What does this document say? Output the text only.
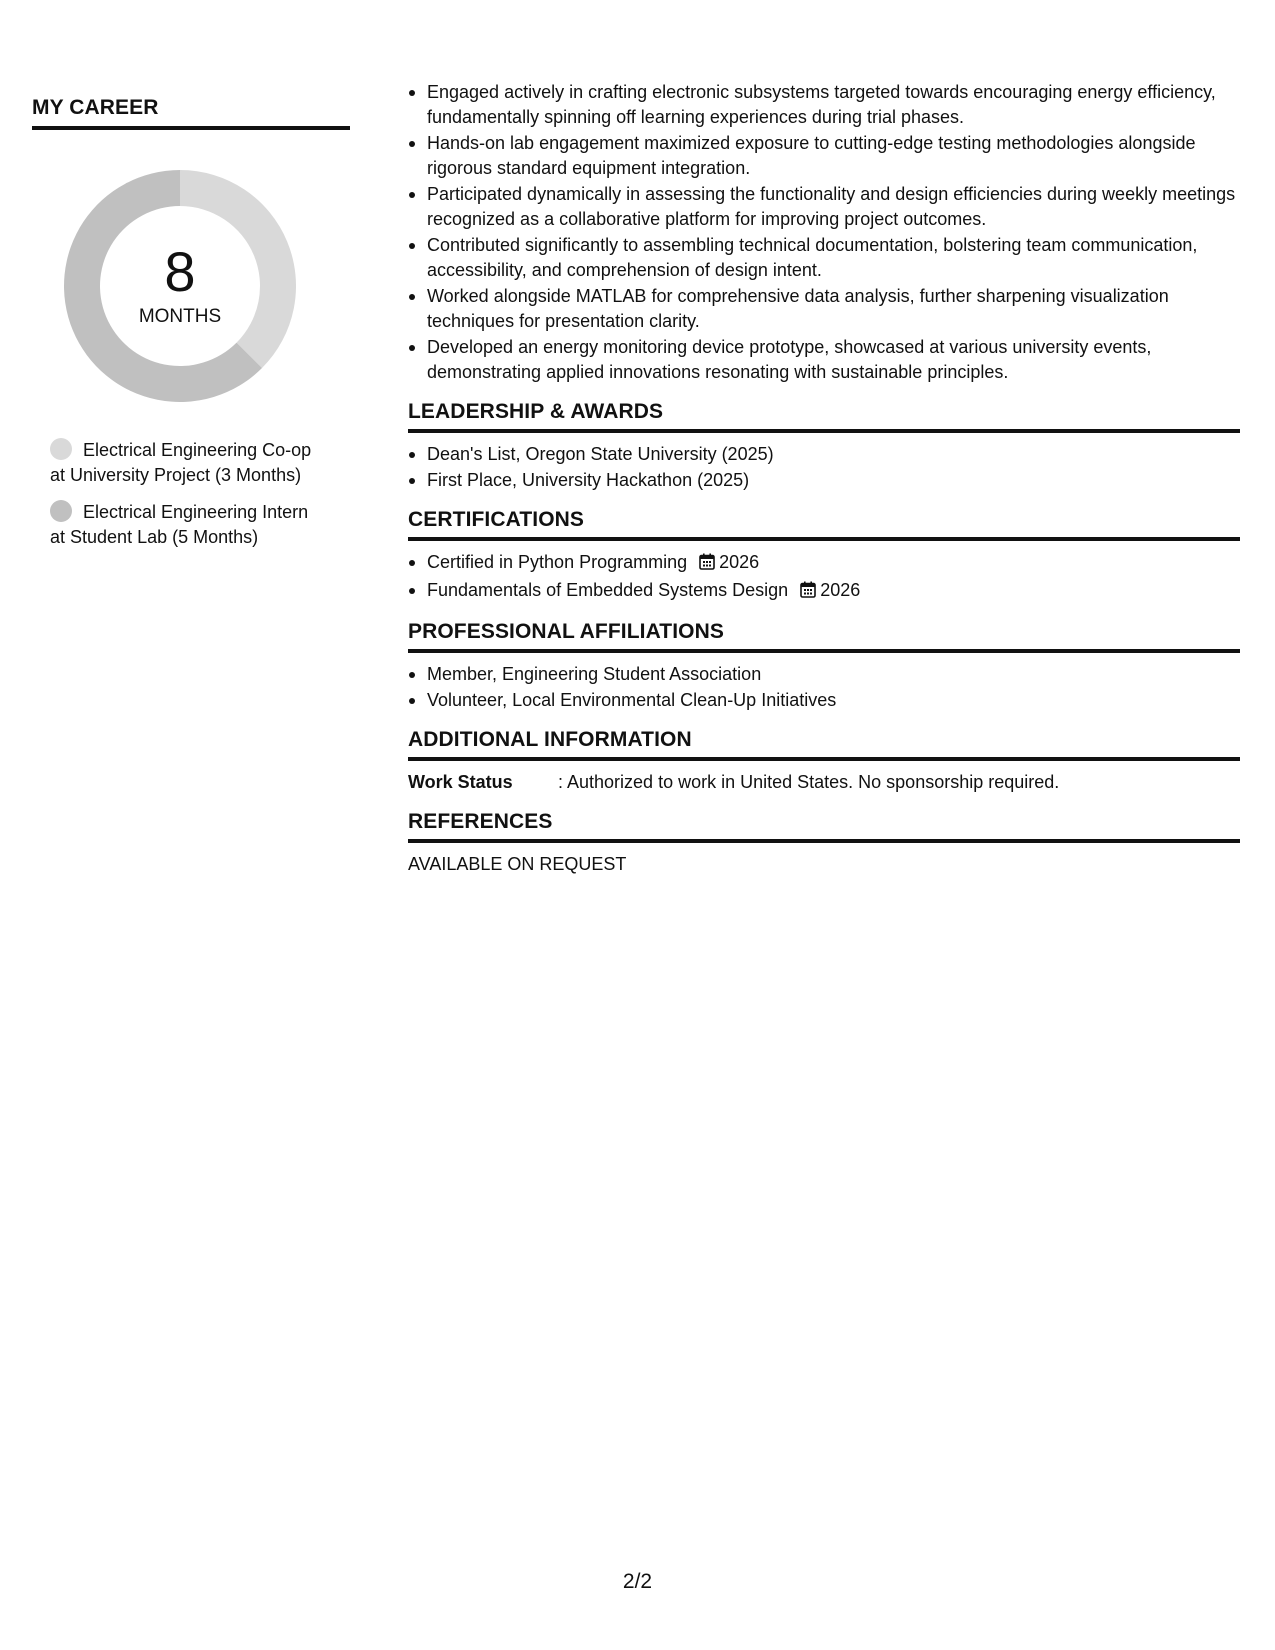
MY CAREER
8
MONTHS
Electrical Engineering Co-op at University Project (3 Months)
Electrical Engineering Intern at Student Lab (5 Months)
Engaged actively in crafting electronic subsystems targeted towards encouraging energy efficiency, fundamentally spinning off learning experiences during trial phases.
Hands-on lab engagement maximized exposure to cutting-edge testing methodologies alongside rigorous standard equipment integration.
Participated dynamically in assessing the functionality and design efficiencies during weekly meetings recognized as a collaborative platform for improving project outcomes.
Contributed significantly to assembling technical documentation, bolstering team communication, accessibility, and comprehension of design intent.
Worked alongside MATLAB for comprehensive data analysis, further sharpening visualization techniques for presentation clarity.
Developed an energy monitoring device prototype, showcased at various university events, demonstrating applied innovations resonating with sustainable principles.
LEADERSHIP & AWARDS
Dean's List, Oregon State University (2025)
First Place, University Hackathon (2025)
CERTIFICATIONS
Certified in Python Programming 2026
Fundamentals of Embedded Systems Design 2026
PROFESSIONAL AFFILIATIONS
Member, Engineering Student Association
Volunteer, Local Environmental Clean-Up Initiatives
ADDITIONAL INFORMATION
Work Status	: Authorized to work in United States. No sponsorship required.
REFERENCES
AVAILABLE ON REQUEST
2/2
